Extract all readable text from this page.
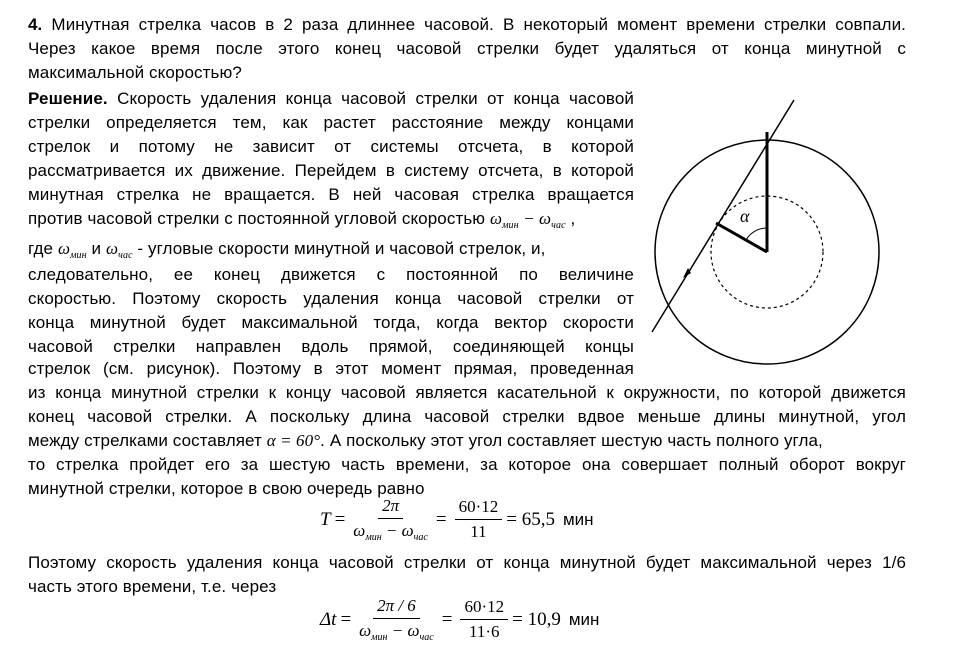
4. Минутная стрелка часов в 2 раза длиннее часовой. В некоторый момент времени стрелки совпали.
Через какое время после этого конец часовой стрелки будет удаляться от конца минутной с
максимальной скоростью?
Решение. Скорость удаления конца часовой стрелки от конца часовой
стрелки определяется тем, как растет расстояние между концами
стрелок и потому не зависит от системы отсчета, в которой
рассматривается их движение. Перейдем в систему отсчета, в которой
минутная стрелка не вращается. В ней часовая стрелка вращается
против часовой стрелки с постоянной угловой скоростью $\omega_{мин} - \omega_{час}$ ,
где $\omega_{мин}$ и $\omega_{час}$ - угловые скорости минутной и часовой стрелок, и,
следовательно, ее конец движется с постоянной по величине
скоростью. Поэтому скорость удаления конца часовой стрелки от
конца минутной будет максимальной тогда, когда вектор скорости
часовой стрелки направлен вдоль прямой, соединяющей концы
стрелок (см. рисунок). Поэтому в этот момент прямая, проведенная
из конца минутной стрелки к концу часовой является касательной к окружности, по которой движется
конец часовой стрелки. А поскольку длина часовой стрелки вдвое меньше длины минутной, угол
между стрелками составляет α = 60°. А поскольку этот угол составляет шестую часть полного угла,
то стрелка пройдет его за шестую часть времени, за которое она совершает полный оборот вокруг
минутной стрелки, которое в свою очередь равно
$T = \frac{2\pi}{\omega_{мин} - \omega_{час}} = \frac{60\cdot 12}{11} = 65,5$ мин
Поэтому скорость удаления конца часовой стрелки от конца минутной будет максимальной через 1/6
часть этого времени, т.е. через
$\Delta t = \frac{2\pi / 6}{\omega_{мин} - \omega_{час}} = \frac{60\cdot 12}{11\cdot 6} = 10,9$ мин
α
